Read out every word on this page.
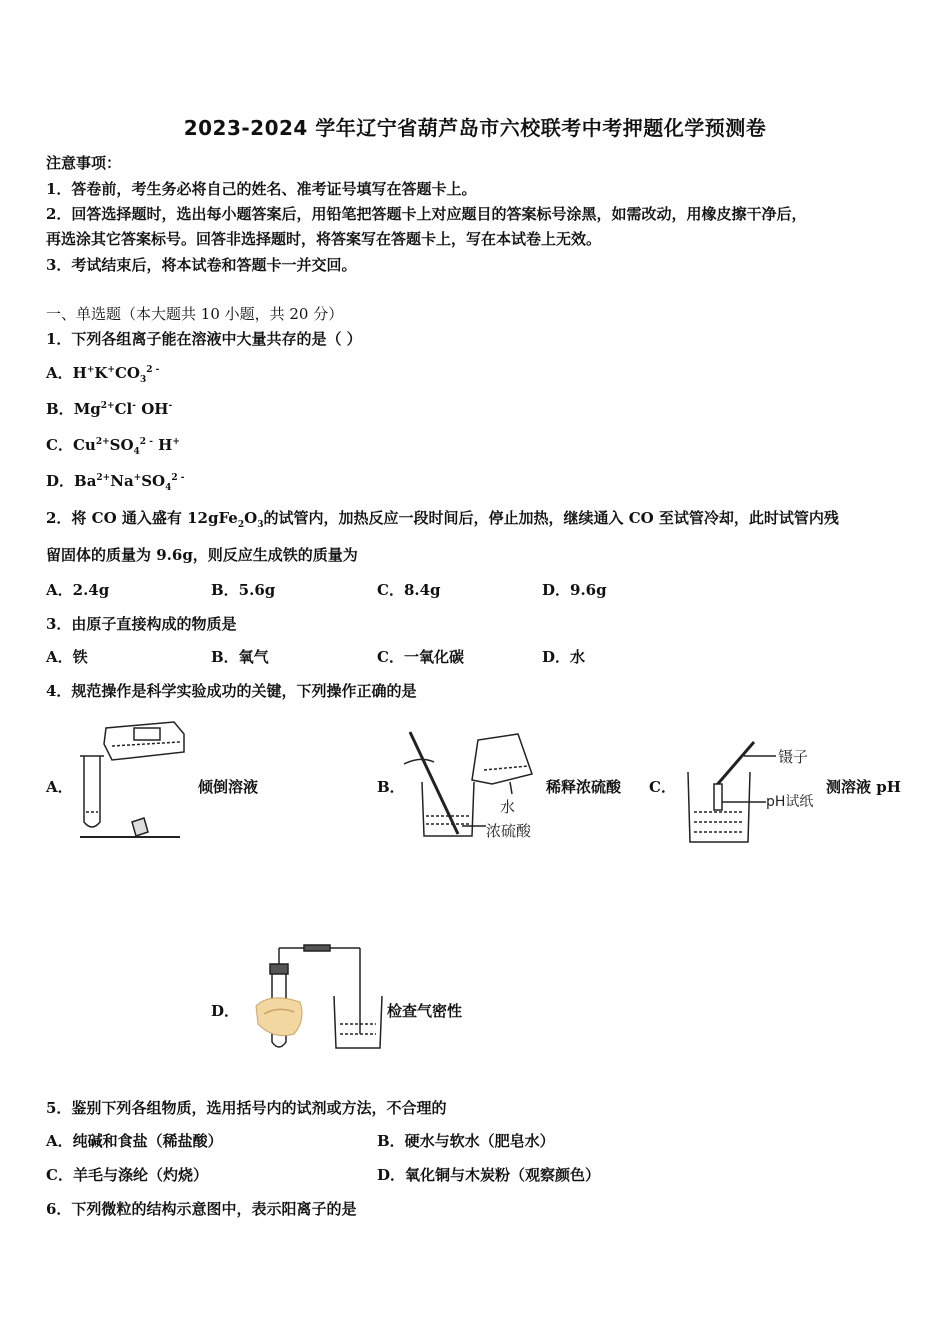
2023-2024 学年辽宁省葫芦岛市六校联考中考押题化学预测卷
注意事项：
1．答卷前，考生务必将自己的姓名、准考证号填写在答题卡上。
2．回答选择题时，选出每小题答案后，用铅笔把答题卡上对应题目的答案标号涂黑，如需改动，用橡皮擦干净后，
再选涂其它答案标号。回答非选择题时，将答案写在答题卡上，写在本试卷上无效。
3．考试结束后，将本试卷和答题卡一并交回。
一、单选题（本大题共 10 小题，共 20 分）
1．下列各组离子能在溶液中大量共存的是（ ）
A．$H^+K^+CO_3^{2 -}$
B．$Mg^{2+}Cl^-$ OH-
C．$Cu^{2+}SO_4^{2 -}$ H+
D．$Ba^{2+}Na^+SO_4^{2 -}$
2．将 CO 通入盛有 $12gFe_2O_3$的试管内，加热反应一段时间后，停止加热，继续通入 CO 至试管冷却，此时试管内残
留固体的质量为 9.6g，则反应生成铁的质量为
A．2.4g	B．5.6g	C．8.4g	D．9.6g
3．由原子直接构成的物质是
A．铁	B．氧气	C．一氧化碳	D．水
4．规范操作是科学实验成功的关键，下列操作正确的是
A．	倾倒溶液	B．
水
浓硫酸
稀释浓硫酸 C．
镊子
pH试纸
测溶液 pH
D．	检查气密性
5．鉴别下列各组物质，选用括号内的试剂或方法，不合理的
A．纯碱和食盐（稀盐酸）	B．硬水与软水（肥皂水）
C．羊毛与涤纶（灼烧）	D．氧化铜与木炭粉（观察颜色）
6．下列微粒的结构示意图中，表示阳离子的是
